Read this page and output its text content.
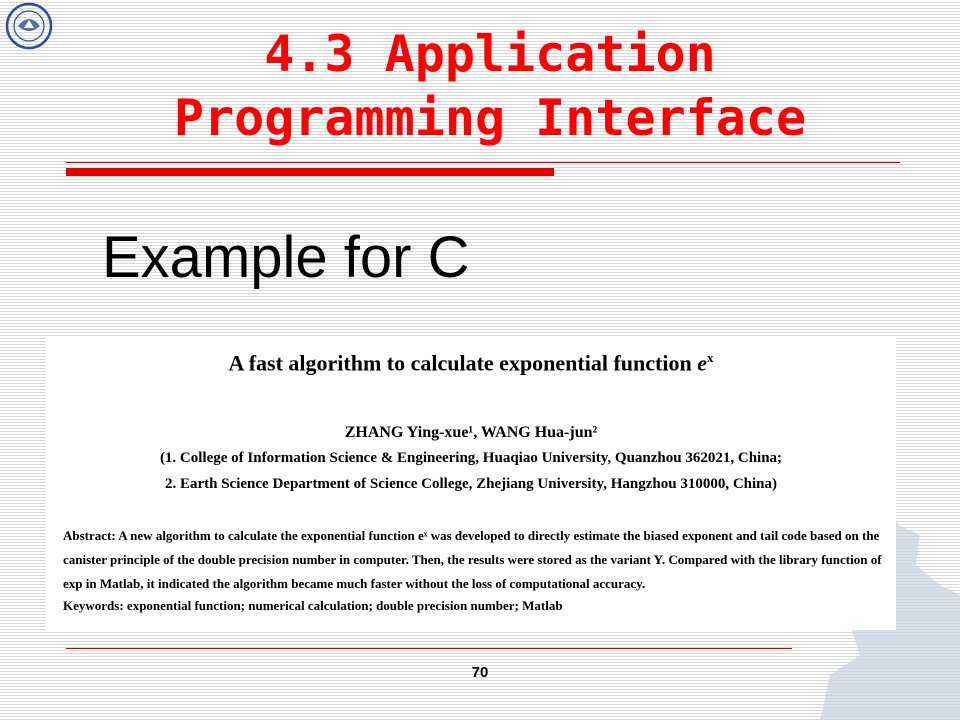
4.3 Application
Programming Interface
Example for C
A fast algorithm to calculate exponential function $e^x$
ZHANG Ying-xue¹, WANG Hua-jun²
(1. College of Information Science & Engineering, Huaqiao University, Quanzhou 362021, China;
2. Earth Science Department of Science College, Zhejiang University, Hangzhou 310000, China)

Abstract: A new algorithm to calculate the exponential function eˣ was developed to directly estimate the biased exponent and tail code based on the canister principle of the double precision number in computer. Then, the results were stored as the variant Y. Compared with the library function of exp in Matlab, it indicated the algorithm became much faster without the loss of computational accuracy.

Keywords: exponential function; numerical calculation; double precision number; Matlab
70
